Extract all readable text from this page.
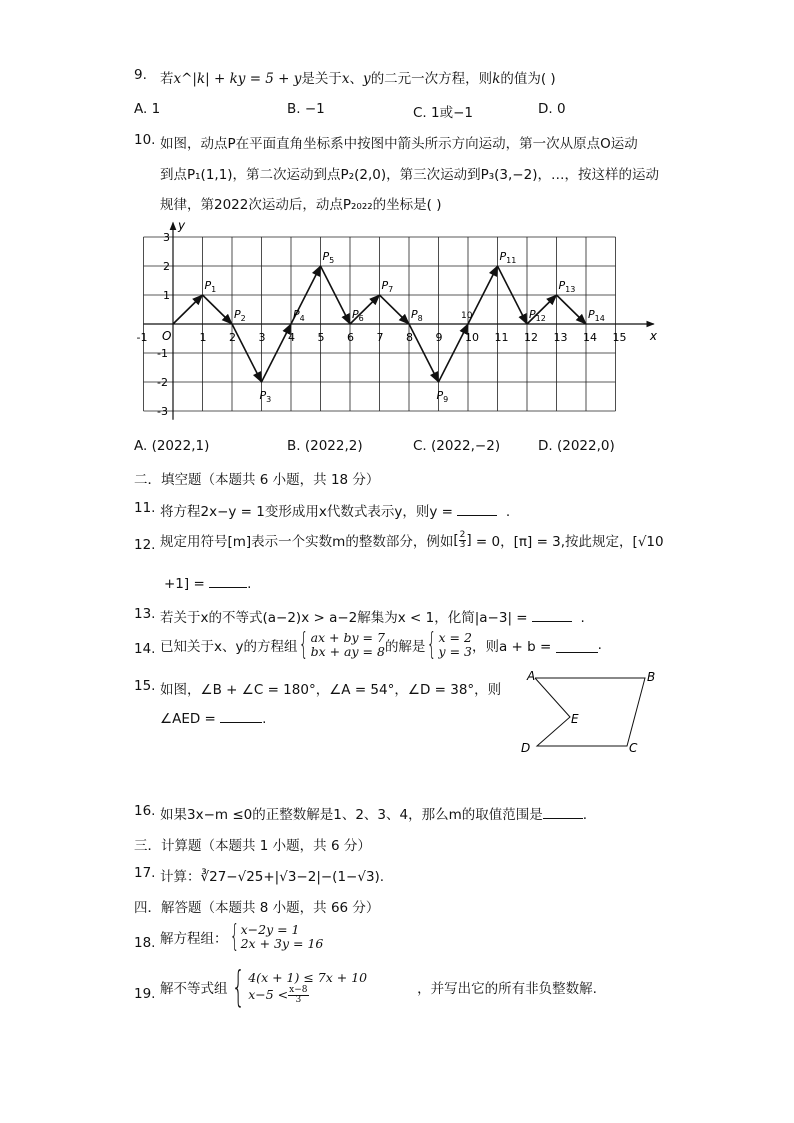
9. 若x^|k| + ky = 5 + y是关于x、y的二元一次方程，则k的值为( )
A. 1	B. −1	C. 1或−1	D. 0
10. 如图，动点P在平面直角坐标系中按图中箭头所示方向运动，第一次从原点O运动
到点P₁(1,1)，第二次运动到点P₂(2,0)，第三次运动到P₃(3,−2)，…，按这样的运动
规律，第2022次运动后，动点P₂₀₂₂的坐标是( )
x
y
O
-1	1 2 3 4 5 6 7 8 9 10 11 12 13 14 15
3
2
1
-1
-2
-3
$P_1$
$P_2$
$P_3$
$P_4$
$P_5$
$P_6$
$P_7$
$P_8$
$P_9$
10
$P_{11}$
$P_{12}$
$P_{13}$
$P_{14}$
A. (2022,1)	B. (2022,2)	C. (2022,−2)	D. (2022,0)
二．填空题（本题共 6 小题，共 18 分）
11. 将方程2x−y = 1变形成用x代数式表示y，则y =	.
12. 规定用符号[m]表示一个实数m的整数部分，例如[ $\frac{2}{3}$ ] = 0，[π] = 3,按此规定，[√10
+1] =	.
13. 若关于x的不等式(a−2)x > a−2解集为x < 1，化简|a−3| =	.
14. 已知关于x、y的方程组{ ax + by = 7
bx + ay = 8 的解是{ x = 2
y = 3 ，则a + b =	.
15. 如图，∠B + ∠C = 180°，∠A = 54°，∠D = 38°，则
∠AED =	.
A	B
E
D	C
16. 如果3x−m ≤0的正整数解是1、2、3、4，那么m的取值范围是	.
三．计算题（本题共 1 小题，共 6 分）
17. 计算：∛27−√25+|√3−2|−(1−√3).
四．解答题（本题共 8 小题，共 66 分）
18. 解方程组：{ x−2y = 1
2x + 3y = 16
19. 解不等式组{ 4(x + 1) ≤ 7x + 10
$x-5 < \frac{x-8}{3}$	，并写出它的所有非负整数解.
